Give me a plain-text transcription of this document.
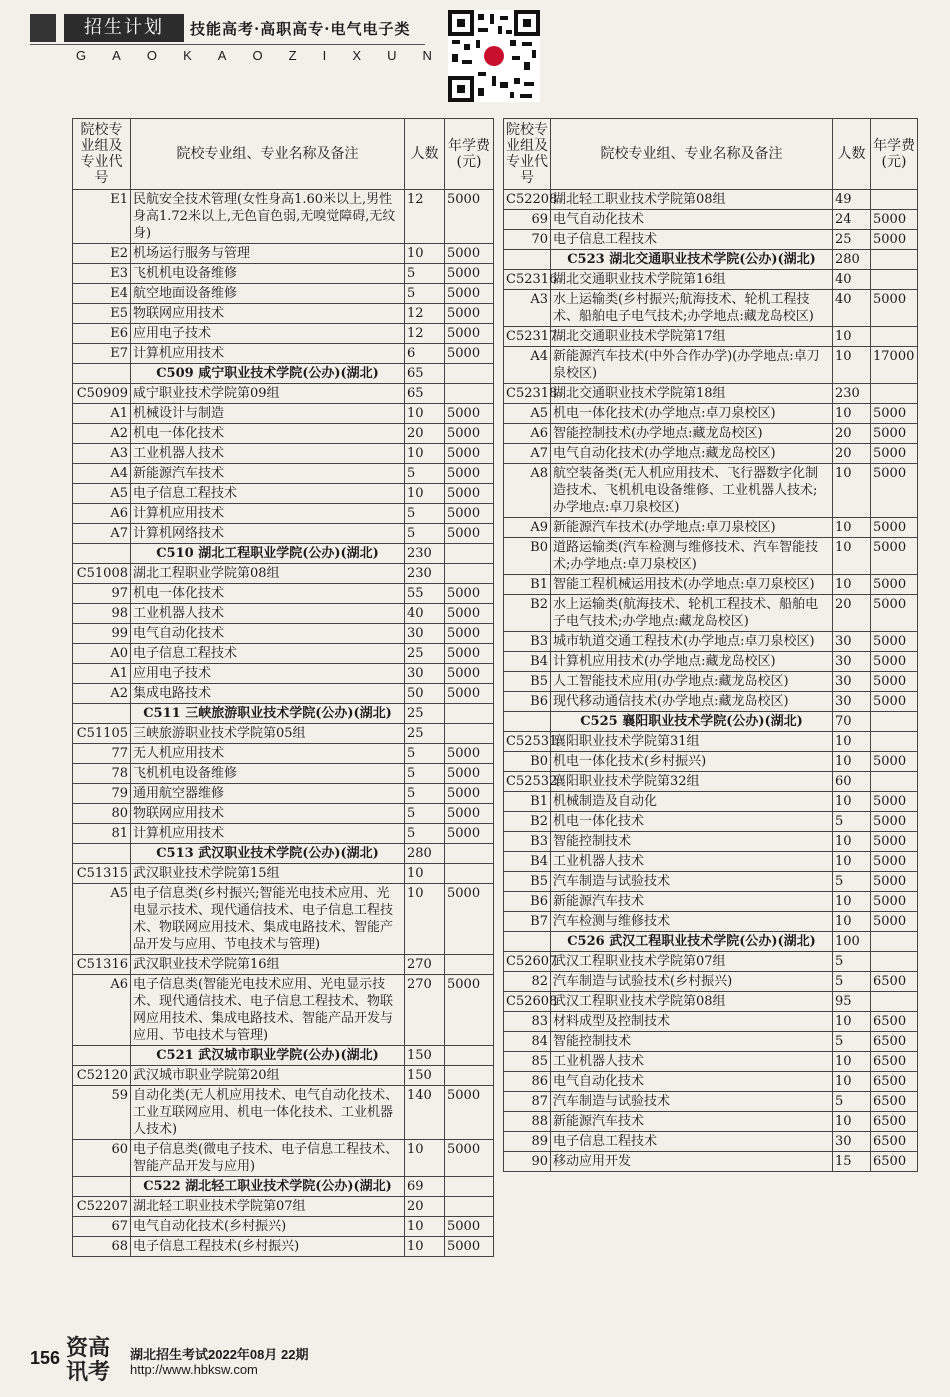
招生计划	技能高考·高职高专·电气电子类
G A O K A O Z I X U N
院校专业组及专业代号	院校专业组、专业名称及备注	人数	年学费(元)
E1	民航安全技术管理(女性身高1.60米以上,男性身高1.72米以上,无色盲色弱,无嗅觉障碍,无纹身)	12	5000
E2	机场运行服务与管理	10	5000
E3	飞机机电设备维修	5	5000
E4	航空地面设备维修	5	5000
E5	物联网应用技术	12	5000
E6	应用电子技术	12	5000
E7	计算机应用技术	6	5000
	C509 咸宁职业技术学院(公办)(湖北)	65	
C50909	咸宁职业技术学院第09组	65	
A1	机械设计与制造	10	5000
A2	机电一体化技术	20	5000
A3	工业机器人技术	10	5000
A4	新能源汽车技术	5	5000
A5	电子信息工程技术	10	5000
A6	计算机应用技术	5	5000
A7	计算机网络技术	5	5000
	C510 湖北工程职业学院(公办)(湖北)	230	
C51008	湖北工程职业学院第08组	230	
97	机电一体化技术	55	5000
98	工业机器人技术	40	5000
99	电气自动化技术	30	5000
A0	电子信息工程技术	25	5000
A1	应用电子技术	30	5000
A2	集成电路技术	50	5000
	C511 三峡旅游职业技术学院(公办)(湖北)	25	
C51105	三峡旅游职业技术学院第05组	25	
77	无人机应用技术	5	5000
78	飞机机电设备维修	5	5000
79	通用航空器维修	5	5000
80	物联网应用技术	5	5000
81	计算机应用技术	5	5000
	C513 武汉职业技术学院(公办)(湖北)	280	
C51315	武汉职业技术学院第15组	10	
A5	电子信息类(乡村振兴;智能光电技术应用、光电显示技术、现代通信技术、电子信息工程技术、物联网应用技术、集成电路技术、智能产品开发与应用、节电技术与管理)	10	5000
C51316	武汉职业技术学院第16组	270	
A6	电子信息类(智能光电技术应用、光电显示技术、现代通信技术、电子信息工程技术、物联网应用技术、集成电路技术、智能产品开发与应用、节电技术与管理)	270	5000
	C521 武汉城市职业学院(公办)(湖北)	150	
C52120	武汉城市职业学院第20组	150	
59	自动化类(无人机应用技术、电气自动化技术、工业互联网应用、机电一体化技术、工业机器人技术)	140	5000
60	电子信息类(微电子技术、电子信息工程技术、智能产品开发与应用)	10	5000
	C522 湖北轻工职业技术学院(公办)(湖北)	69	
C52207	湖北轻工职业技术学院第07组	20	
67	电气自动化技术(乡村振兴)	10	5000
68	电子信息工程技术(乡村振兴)	10	5000
院校专业组及专业代号	院校专业组、专业名称及备注	人数	年学费(元)
C52208	湖北轻工职业技术学院第08组	49	
69	电气自动化技术	24	5000
70	电子信息工程技术	25	5000
	C523 湖北交通职业技术学院(公办)(湖北)	280	
C52316	湖北交通职业技术学院第16组	40	
A3	水上运输类(乡村振兴;航海技术、轮机工程技术、船舶电子电气技术;办学地点:藏龙岛校区)	40	5000
C52317	湖北交通职业技术学院第17组	10	
A4	新能源汽车技术(中外合作办学)(办学地点:卓刀泉校区)	10	17000
C52318	湖北交通职业技术学院第18组	230	
A5	机电一体化技术(办学地点:卓刀泉校区)	10	5000
A6	智能控制技术(办学地点:藏龙岛校区)	20	5000
A7	电气自动化技术(办学地点:藏龙岛校区)	20	5000
A8	航空装备类(无人机应用技术、飞行器数字化制造技术、飞机机电设备维修、工业机器人技术;办学地点:卓刀泉校区)	10	5000
A9	新能源汽车技术(办学地点:卓刀泉校区)	10	5000
B0	道路运输类(汽车检测与维修技术、汽车智能技术;办学地点:卓刀泉校区)	10	5000
B1	智能工程机械运用技术(办学地点:卓刀泉校区)	10	5000
B2	水上运输类(航海技术、轮机工程技术、船舶电子电气技术;办学地点:藏龙岛校区)	20	5000
B3	城市轨道交通工程技术(办学地点:卓刀泉校区)	30	5000
B4	计算机应用技术(办学地点:藏龙岛校区)	30	5000
B5	人工智能技术应用(办学地点:藏龙岛校区)	30	5000
B6	现代移动通信技术(办学地点:藏龙岛校区)	30	5000
	C525 襄阳职业技术学院(公办)(湖北)	70	
C52531	襄阳职业技术学院第31组	10	
B0	机电一体化技术(乡村振兴)	10	5000
C52532	襄阳职业技术学院第32组	60	
B1	机械制造及自动化	10	5000
B2	机电一体化技术	5	5000
B3	智能控制技术	10	5000
B4	工业机器人技术	10	5000
B5	汽车制造与试验技术	5	5000
B6	新能源汽车技术	10	5000
B7	汽车检测与维修技术	10	5000
	C526 武汉工程职业技术学院(公办)(湖北)	100	
C52607	武汉工程职业技术学院第07组	5	
82	汽车制造与试验技术(乡村振兴)	5	6500
C52608	武汉工程职业技术学院第08组	95	
83	材料成型及控制技术	10	6500
84	智能控制技术	5	6500
85	工业机器人技术	10	6500
86	电气自动化技术	10	6500
87	汽车制造与试验技术	5	6500
88	新能源汽车技术	10	6500
89	电子信息工程技术	30	6500
90	移动应用开发	15	6500
156 资高讯考
湖北招生考试2022年08月 22期
http://www.hbksw.com
